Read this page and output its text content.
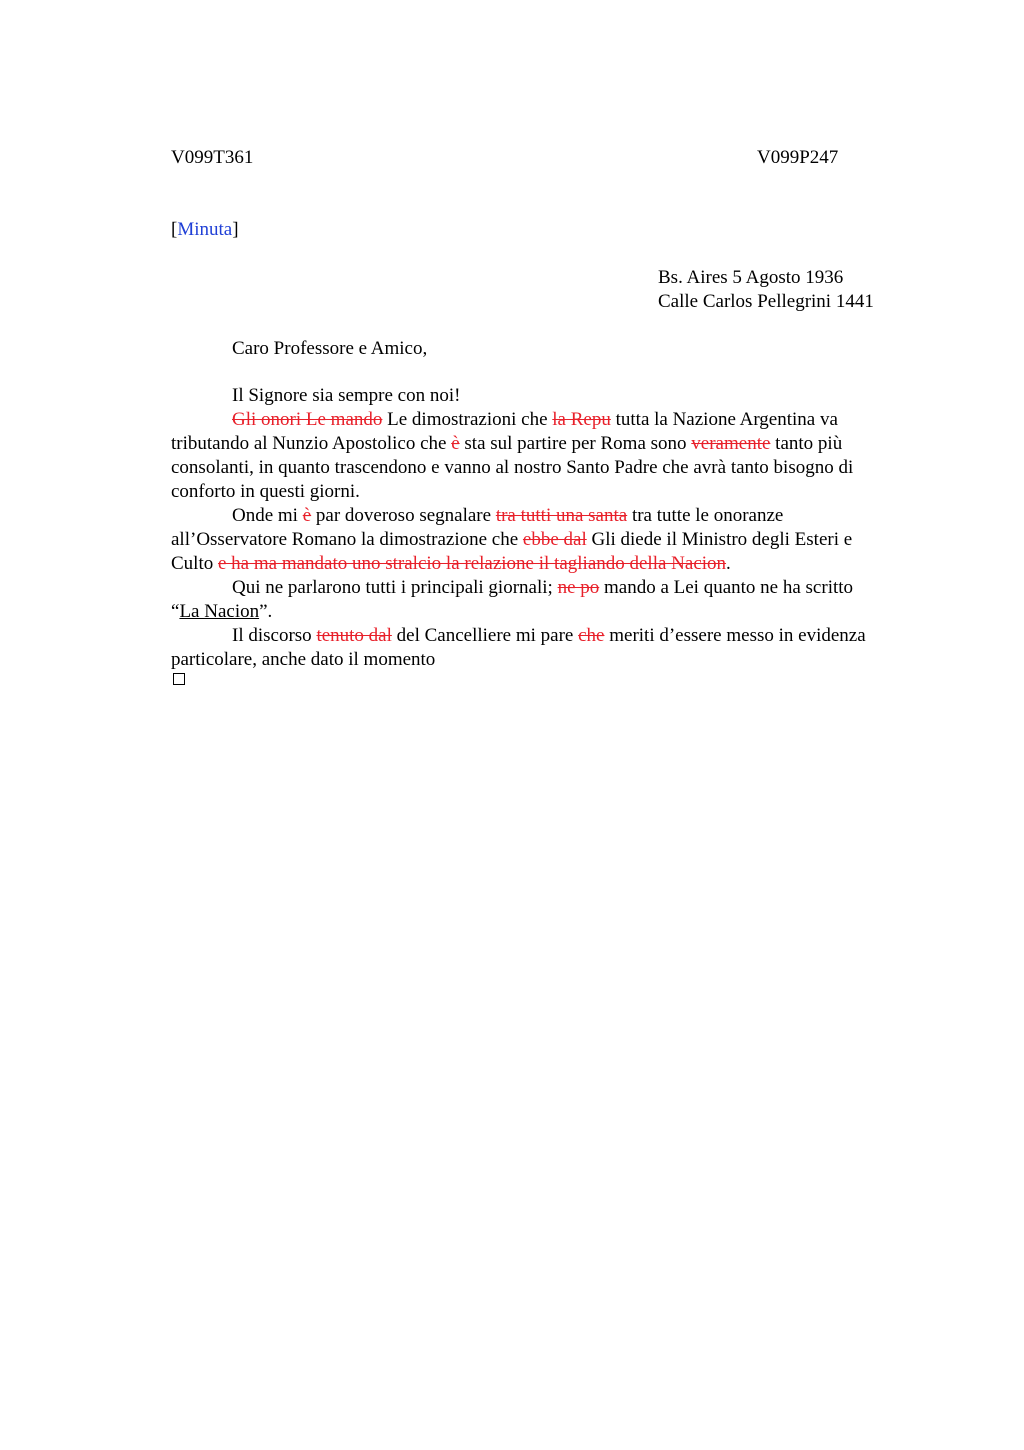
V099T361	V099P247
[Minuta]
Bs. Aires 5 Agosto 1936
Calle Carlos Pellegrini 1441
Caro Professore e Amico,
Il Signore sia sempre con noi!
Gli onori Le mando Le dimostrazioni che la Repu tutta la Nazione Argentina va
tributando al Nunzio Apostolico che è sta sul partire per Roma sono veramente tanto più
consolanti, in quanto trascendono e vanno al nostro Santo Padre che avrà tanto bisogno di
conforto in questi giorni.
Onde mi è par doveroso segnalare tra tutti una santa tra tutte le onoranze
all’Osservatore Romano la dimostrazione che ebbe dal Gli diede il Ministro degli Esteri e
Culto e ha ma mandato uno stralcio la relazione il tagliando della Nacion.
Qui ne parlarono tutti i principali giornali; ne po mando a Lei quanto ne ha scritto
“La Nacion”.
Il discorso tenuto dal del Cancelliere mi pare che meriti d’essere messo in evidenza
particolare, anche dato il momento
